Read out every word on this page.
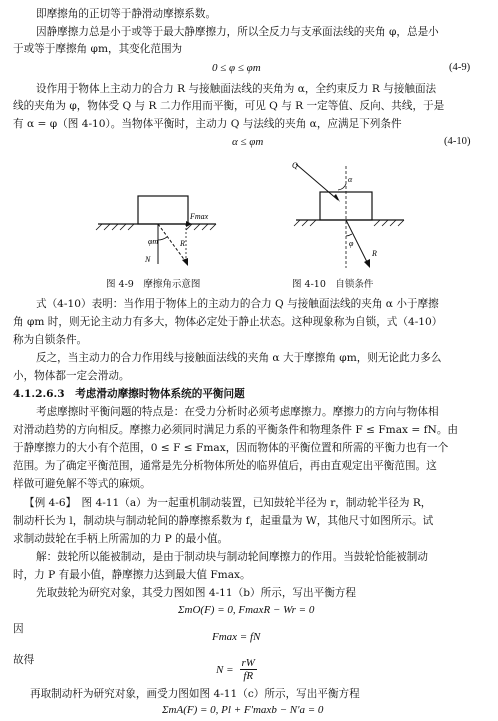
即摩擦角的正切等于静滑动摩擦系数。
因静摩擦力总是小于或等于最大静摩擦力，所以全反力与支承面法线的夹角 φ，总是小
于或等于摩擦角 φm，其变化范围为
0 ≤ φ ≤ φm	(4-9)
设作用于物体上主动力的合力 R 与接触面法线的夹角为 α，全约束反力 R 与接触面法
线的夹角为 φ，物体受 Q 与 R 二力作用而平衡，可见 Q 与 R 一定等值、反向、共线，于是
有 α = φ（图 4-10）。当物体平衡时，主动力 Q 与法线的夹角 α，应满足下列条件
α ≤ φm	(4-10)
Fmax
φm	R
N
图 4-9　摩擦角示意图
Q
α
φ
R
图 4-10　自锁条件
式（4-10）表明：当作用于物体上的主动力的合力 Q 与接触面法线的夹角 α 小于摩擦
角 φm 时，则无论主动力有多大，物体必定处于静止状态。这种现象称为自锁，式（4-10）
称为自锁条件。
反之，当主动力的合力作用线与接触面法线的夹角 α 大于摩擦角 φm，则无论此力多么
小，物体都一定会滑动。
4.1.2.6.3　考虑滑动摩擦时物体系统的平衡问题
考虑摩擦时平衡问题的特点是：在受力分析时必须考虑摩擦力。摩擦力的方向与物体相
对滑动趋势的方向相反。摩擦力必须同时满足力系的平衡条件和物理条件 F ≤ Fmax = fN。由
于静摩擦力的大小有个范围，0 ≤ F ≤ Fmax，因而物体的平衡位置和所需的平衡力也有一个
范围。为了确定平衡范围，通常是先分析物体所处的临界值后，再由直观定出平衡范围。这
样做可避免解不等式的麻烦。
【例 4-6】　图 4-11（a）为一起重机制动装置，已知鼓轮半径为 r，制动轮半径为 R，
制动杆长为 l，制动块与制动轮间的静摩擦系数为 f，起重量为 W，其他尺寸如图所示。试
求制动鼓轮在手柄上所需加的力 P 的最小值。
解：鼓轮所以能被制动，是由于制动块与制动轮间摩擦力的作用。当鼓轮恰能被制动
时，力 P 有最小值，静摩擦力达到最大值 Fmax。
先取鼓轮为研究对象，其受力图如图 4-11（b）所示，写出平衡方程
ΣmO(F) = 0, FmaxR − Wr = 0
因
Fmax = fN
故得
$N = \frac{rW}{fR}$
再取制动杆为研究对象，画受力图如图 4-11（c）所示，写出平衡方程
ΣmA(F) = 0, Pl + F′maxb − N′a = 0
